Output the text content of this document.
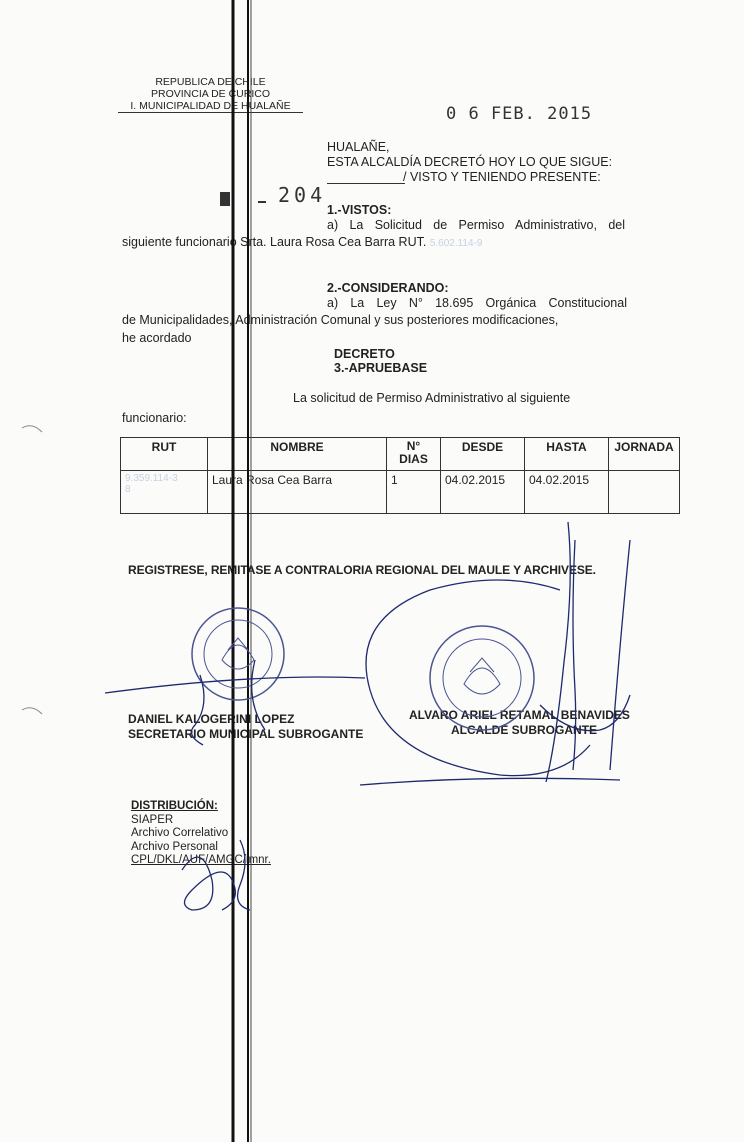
REPUBLICA DE CHILE
PROVINCIA DE CURICO
I. MUNICIPALIDAD DE HUALAÑE	0 6 FEB. 2015
204
HUALAÑE,
ESTA ALCALDÍA DECRETÓ HOY LO QUE SIGUE:
/ VISTO Y TENIENDO PRESENTE:
1.-VISTOS:
a) La Solicitud de Permiso Administrativo, del
siguiente funcionario Srta. Laura Rosa Cea Barra RUT. 5.602.114-9
2.-CONSIDERANDO:
a) La Ley N° 18.695 Orgánica Constitucional
de Municipalidades, Administración Comunal y sus posteriores modificaciones,
he acordado
DECRETO
3.-APRUEBASE
La solicitud de Permiso Administrativo al siguiente
funcionario:
RUT	NOMBRE	N°
DIAS	DESDE	HASTA	JORNADA
9.359.114-3
8	Laura Rosa Cea Barra	1	04.02.2015	04.02.2015	
REGISTRESE, REMITASE A CONTRALORIA REGIONAL DEL MAULE Y ARCHIVESE.
DANIEL KALOGERINI LOPEZ
SECRETARIO MUNICIPAL SUBROGANTE
ALVARO ARIEL RETAMAL BENAVIDES
ALCALDE SUBROGANTE
DISTRIBUCIÓN:
SIAPER
Archivo Correlativo
Archivo Personal
CPL/DKL/AUF/AMGC/imnr.
